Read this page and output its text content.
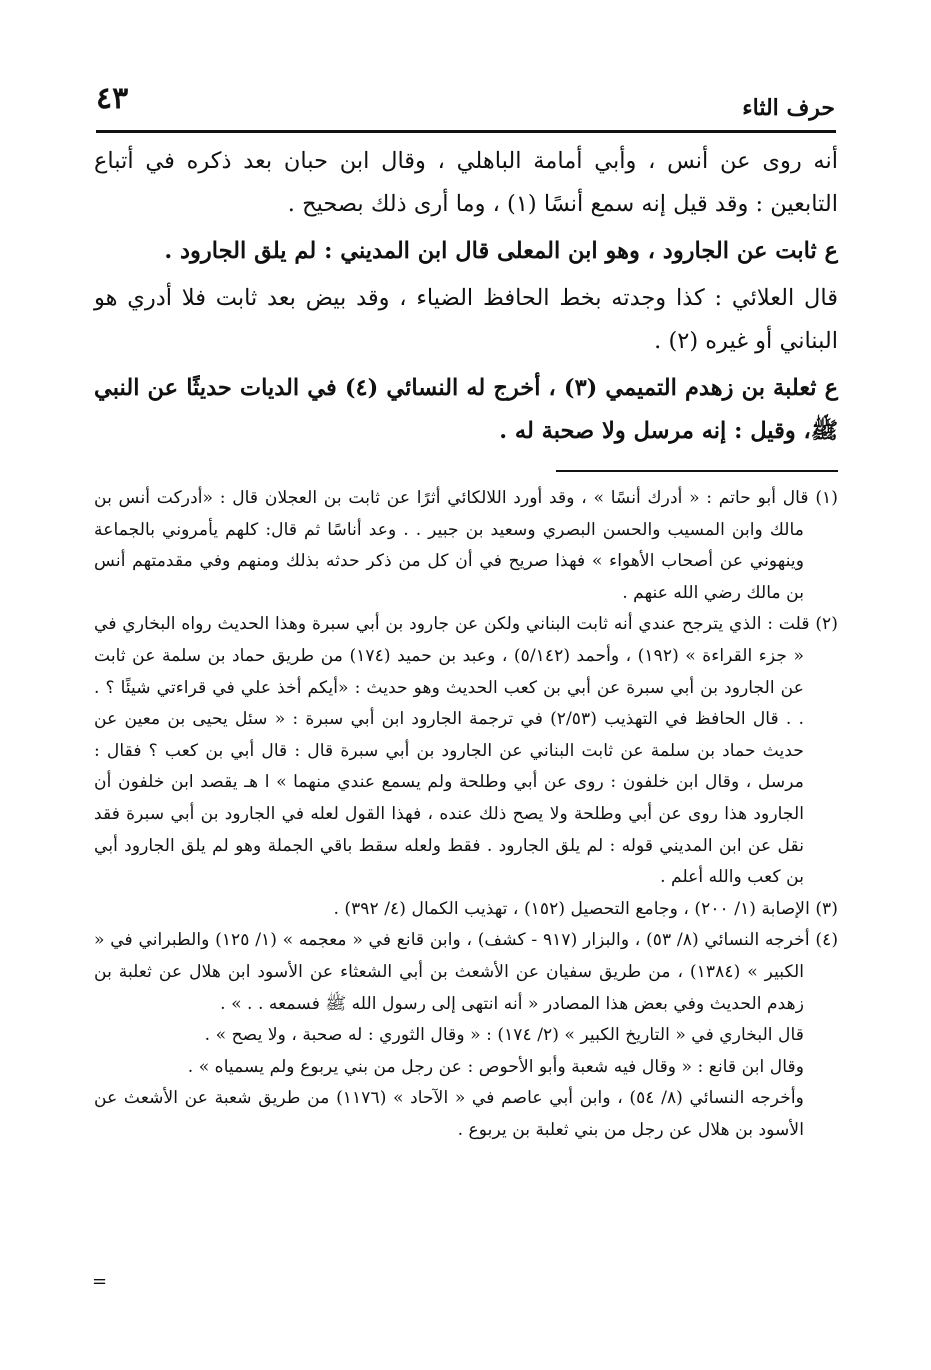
٤٣	حرف الثاء

أنه روى عن أنس ، وأبي أمامة الباهلي ، وقال ابن حبان بعد ذكره في أتباع التابعين : وقد قيل إنه سمع أنسًا (١) ، وما أرى ذلك بصحيح .

ع ثابت عن الجارود ، وهو ابن المعلى قال ابن المديني : لم يلق الجارود .

قال العلائي : كذا وجدته بخط الحافظ الضياء ، وقد بيض بعد ثابت فلا أدري هو البناني أو غيره (٢) .

ع ثعلبة بن زهدم التميمي (٣) ، أخرج له النسائي (٤) في الديات حديثًا عن النبي ﷺ، وقيل : إنه مرسل ولا صحبة له .

(١) قال أبو حاتم : « أدرك أنسًا » ، وقد أورد اللالكائي أثرًا عن ثابت بن العجلان قال : «أدركت أنس بن مالك وابن المسيب والحسن البصري وسعيد بن جبير . . وعد أناسًا ثم قال: كلهم يأمروني بالجماعة وينهوني عن أصحاب الأهواء » فهذا صريح في أن كل من ذكر حدثه بذلك ومنهم وفي مقدمتهم أنس بن مالك رضي الله عنهم .

(٢) قلت : الذي يترجح عندي أنه ثابت البناني ولكن عن جارود بن أبي سبرة وهذا الحديث رواه البخاري في « جزء القراءة » (١٩٢) ، وأحمد (٥/١٤٢) ، وعبد بن حميد (١٧٤) من طريق حماد بن سلمة عن ثابت عن الجارود بن أبي سبرة عن أبي بن كعب الحديث وهو حديث : «أيكم أخذ علي في قراءتي شيئًا ؟ . . . قال الحافظ في التهذيب (٢/٥٣) في ترجمة الجارود ابن أبي سبرة : « سئل يحيى بن معين عن حديث حماد بن سلمة عن ثابت البناني عن الجارود بن أبي سبرة قال : قال أبي بن كعب ؟ فقال : مرسل ، وقال ابن خلفون : روى عن أبي وطلحة ولم يسمع عندي منهما » ا هـ يقصد ابن خلفون أن الجارود هذا روى عن أبي وطلحة ولا يصح ذلك عنده ، فهذا القول لعله في الجارود بن أبي سبرة فقد نقل عن ابن المديني قوله : لم يلق الجارود . فقط ولعله سقط باقي الجملة وهو لم يلق الجارود أبي بن كعب والله أعلم .

(٣) الإصابة (١/ ٢٠٠) ، وجامع التحصيل (١٥٢) ، تهذيب الكمال (٤/ ٣٩٢) .

(٤) أخرجه النسائي (٨/ ٥٣) ، والبزار (٩١٧ - كشف) ، وابن قانع في « معجمه » (١/ ١٢٥) والطبراني في « الكبير » (١٣٨٤) ، من طريق سفيان عن الأشعث بن أبي الشعثاء عن الأسود ابن هلال عن ثعلبة بن زهدم الحديث وفي بعض هذا المصادر « أنه انتهى إلى رسول الله ﷺ فسمعه . . » .

قال البخاري في « التاريخ الكبير » (٢/ ١٧٤) : « وقال الثوري : له صحبة ، ولا يصح » .

وقال ابن قانع : « وقال فيه شعبة وأبو الأحوص : عن رجل من بني يربوع ولم يسمياه » .

وأخرجه النسائي (٨/ ٥٤) ، وابن أبي عاصم في « الآحاد » (١١٧٦) من طريق شعبة عن الأشعث عن الأسود بن هلال عن رجل من بني ثعلبة بن يربوع .

=
